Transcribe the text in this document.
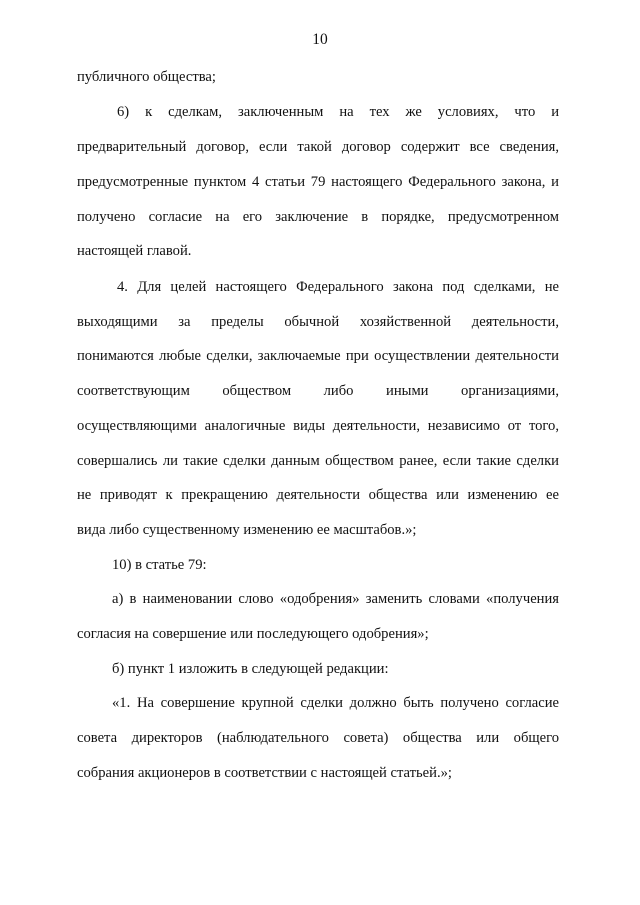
10
публичного общества;
6) к сделкам, заключенным на тех же условиях, что и
предварительный договор, если такой договор содержит все сведения,
предусмотренные пунктом 4 статьи 79 настоящего Федерального закона, и
получено согласие на его заключение в порядке, предусмотренном
настоящей главой.
4. Для целей настоящего Федерального закона под сделками, не
выходящими за пределы обычной хозяйственной деятельности,
понимаются любые сделки, заключаемые при осуществлении деятельности
соответствующим обществом либо иными организациями,
осуществляющими аналогичные виды деятельности, независимо от того,
совершались ли такие сделки данным обществом ранее, если такие сделки
не приводят к прекращению деятельности общества или изменению ее
вида либо существенному изменению ее масштабов.»;
10) в статье 79:
а) в наименовании слово «одобрения» заменить словами «получения
согласия на совершение или последующего одобрения»;
б) пункт 1 изложить в следующей редакции:
«1. На совершение крупной сделки должно быть получено согласие
совета директоров (наблюдательного совета) общества или общего
собрания акционеров в соответствии с настоящей статьей.»;
